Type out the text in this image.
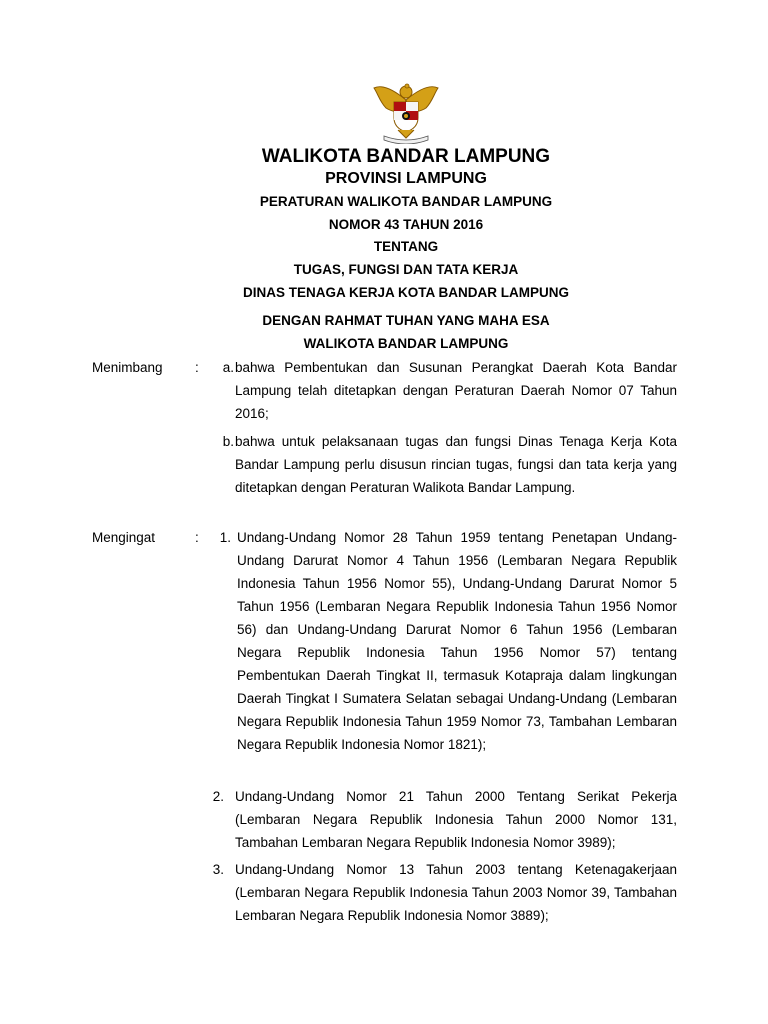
WALIKOTA BANDAR LAMPUNG
PROVINSI LAMPUNG
PERATURAN WALIKOTA BANDAR LAMPUNG
NOMOR 43 TAHUN 2016
TENTANG
TUGAS, FUNGSI DAN TATA KERJA
DINAS TENAGA KERJA KOTA BANDAR LAMPUNG
DENGAN RAHMAT TUHAN YANG MAHA ESA
WALIKOTA BANDAR LAMPUNG
Menimbang :	a. bahwa Pembentukan dan Susunan Perangkat Daerah Kota Bandar Lampung telah ditetapkan dengan Peraturan Daerah Nomor 07 Tahun 2016;

b. bahwa untuk pelaksanaan tugas dan fungsi Dinas Tenaga Kerja Kota Bandar Lampung perlu disusun rincian tugas, fungsi dan tata kerja yang ditetapkan dengan Peraturan Walikota Bandar Lampung.

Mengingat	:	1. Undang-Undang Nomor 28 Tahun 1959 tentang Penetapan Undang-Undang Darurat Nomor 4 Tahun 1956 (Lembaran Negara Republik Indonesia Tahun 1956 Nomor 55), Undang-Undang Darurat Nomor 5 Tahun 1956 (Lembaran Negara Republik Indonesia Tahun 1956 Nomor 56) dan Undang-Undang Darurat Nomor 6 Tahun 1956 (Lembaran Negara Republik Indonesia Tahun 1956 Nomor 57) tentang Pembentukan Daerah Tingkat II, termasuk Kotapraja dalam lingkungan Daerah Tingkat I Sumatera Selatan sebagai Undang-Undang (Lembaran Negara Republik Indonesia Tahun 1959 Nomor 73, Tambahan Lembaran Negara Republik Indonesia Nomor 1821);

2. Undang-Undang Nomor 21 Tahun 2000 Tentang Serikat Pekerja (Lembaran Negara Republik Indonesia Tahun 2000 Nomor 131, Tambahan Lembaran Negara Republik Indonesia Nomor 3989);

3. Undang-Undang Nomor 13 Tahun 2003 tentang Ketenagakerjaan (Lembaran Negara Republik Indonesia Tahun 2003 Nomor 39, Tambahan Lembaran Negara Republik Indonesia Nomor 3889);
